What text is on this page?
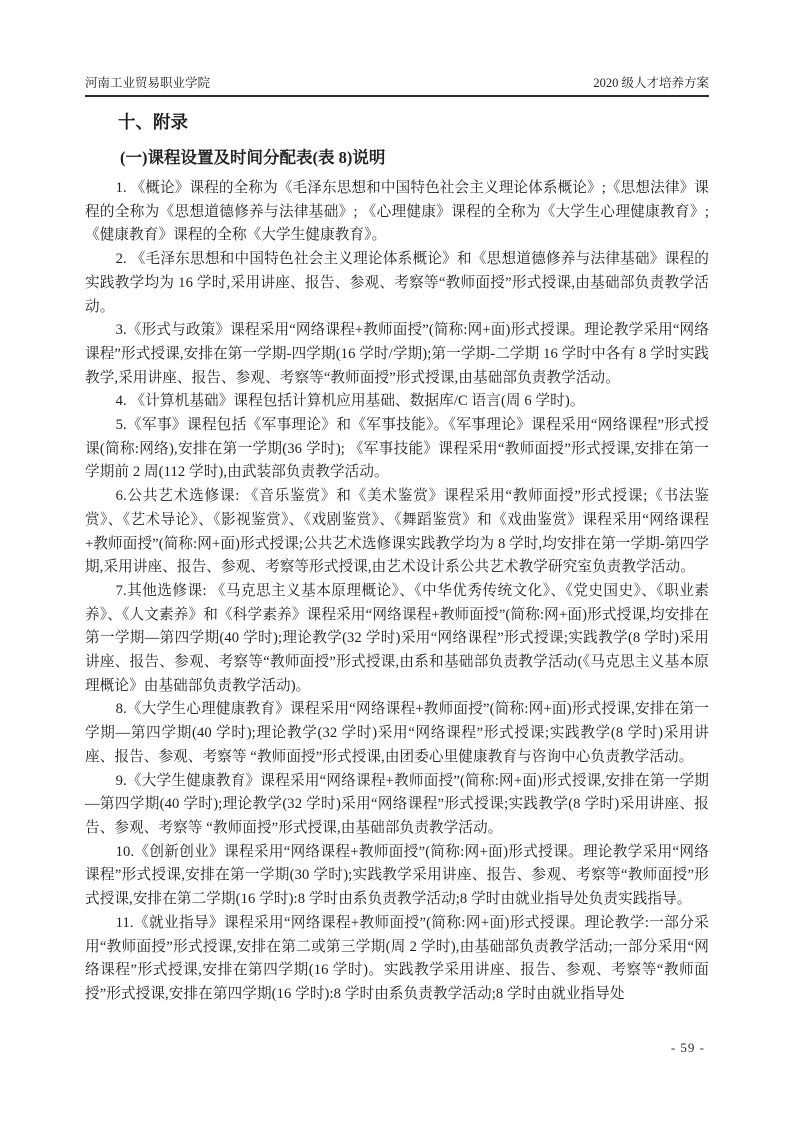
河南工业贸易职业学院	2020 级人才培养方案
十、附录
(一)课程设置及时间分配表(表 8)说明

1. 《概论》课程的全称为《毛泽东思想和中国特色社会主义理论体系概论》;《思想法律》课程的全称为《思想道德修养与法律基础》; 《心理健康》课程的全称为《大学生心理健康教育》; 《健康教育》课程的全称《大学生健康教育》。

2. 《毛泽东思想和中国特色社会主义理论体系概论》和《思想道德修养与法律基础》课程的实践教学均为 16 学时,采用讲座、报告、参观、考察等“教师面授”形式授课,由基础部负责教学活动。

3.《形式与政策》课程采用“网络课程+教师面授”(简称:网+面)形式授课。理论教学采用“网络课程”形式授课,安排在第一学期-四学期(16 学时/学期);第一学期-二学期 16 学时中各有 8 学时实践教学,采用讲座、报告、参观、考察等“教师面授”形式授课,由基础部负责教学活动。

4. 《计算机基础》课程包括计算机应用基础、数据库/C 语言(周 6 学时)。

5.《军事》课程包括《军事理论》和《军事技能》。《军事理论》课程采用“网络课程”形式授课(简称:网络),安排在第一学期(36 学时); 《军事技能》课程采用“教师面授”形式授课,安排在第一学期前 2 周(112 学时),由武装部负责教学活动。

6.公共艺术选修课: 《音乐鉴赏》和《美术鉴赏》课程采用“教师面授”形式授课;《书法鉴赏》、《艺术导论》、《影视鉴赏》、《戏剧鉴赏》、《舞蹈鉴赏》和《戏曲鉴赏》课程采用“网络课程+教师面授”(简称:网+面)形式授课;公共艺术选修课实践教学均为 8 学时,均安排在第一学期-第四学期,采用讲座、报告、参观、考察等形式授课,由艺术设计系公共艺术教学研究室负责教学活动。

7.其他选修课: 《马克思主义基本原理概论》、《中华优秀传统文化》、《党史国史》、《职业素养》、《人文素养》和《科学素养》课程采用“网络课程+教师面授”(简称:网+面)形式授课,均安排在第一学期—第四学期(40 学时);理论教学(32 学时)采用“网络课程”形式授课;实践教学(8 学时)采用讲座、报告、参观、考察等“教师面授”形式授课,由系和基础部负责教学活动(《马克思主义基本原理概论》由基础部负责教学活动)。

8.《大学生心理健康教育》课程采用“网络课程+教师面授”(简称:网+面)形式授课,安排在第一学期—第四学期(40 学时);理论教学(32 学时)采用“网络课程”形式授课;实践教学(8 学时)采用讲座、报告、参观、考察等 “教师面授”形式授课,由团委心里健康教育与咨询中心负责教学活动。

9.《大学生健康教育》课程采用“网络课程+教师面授”(简称:网+面)形式授课,安排在第一学期—第四学期(40 学时);理论教学(32 学时)采用“网络课程”形式授课;实践教学(8 学时)采用讲座、报告、参观、考察等 “教师面授”形式授课,由基础部负责教学活动。

10.《创新创业》课程采用“网络课程+教师面授”(简称:网+面)形式授课。理论教学采用“网络课程”形式授课,安排在第一学期(30 学时);实践教学采用讲座、报告、参观、考察等“教师面授”形式授课,安排在第二学期(16 学时):8 学时由系负责教学活动;8 学时由就业指导处负责实践指导。

11.《就业指导》课程采用“网络课程+教师面授”(简称:网+面)形式授课。理论教学:一部分采用“教师面授”形式授课,安排在第二或第三学期(周 2 学时),由基础部负责教学活动;一部分采用“网络课程”形式授课,安排在第四学期(16 学时)。实践教学采用讲座、报告、参观、考察等“教师面授”形式授课,安排在第四学期(16 学时):8 学时由系负责教学活动;8 学时由就业指导处

- 59 -
